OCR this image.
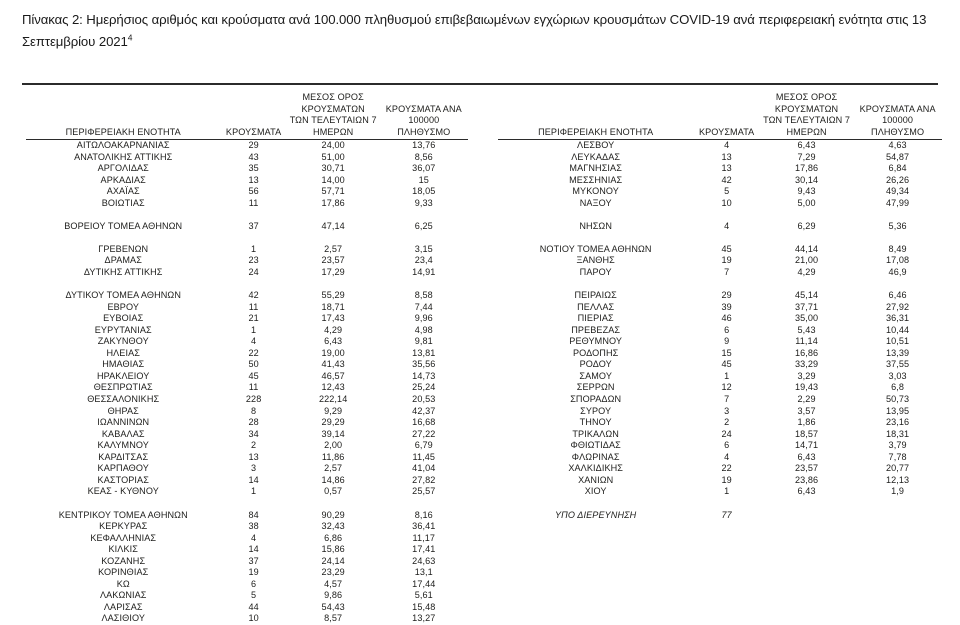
Πίνακας 2: Ημερήσιος αριθμός και κρούσματα ανά 100.000 πληθυσμού επιβεβαιωμένων εγχώριων κρουσμάτων COVID-19 ανά περιφερειακή ενότητα στις 13 Σεπτεμβρίου 2021$^4$
ΠΕΡΙΦΕΡΕΙΑΚΗ ΕΝΟΤΗΤΑ	ΚΡΟΥΣΜΑΤΑ	ΜΕΣΟΣ ΟΡΟΣ ΚΡΟΥΣΜΑΤΩΝ
ΤΩΝ ΤΕΛΕΥΤΑΙΩΝ 7 ΗΜΕΡΩΝ	ΚΡΟΥΣΜΑΤΑ ΑΝΑ 100000
ΠΛΗΘΥΣΜΟ

ΑΙΤΩΛΟΑΚΑΡΝΑΝΙΑΣ	29	24,00	13,76
ΑΝΑΤΟΛΙΚΗΣ ΑΤΤΙΚΗΣ	43	51,00	8,56
ΑΡΓΟΛΙΔΑΣ	35	30,71	36,07
ΑΡΚΑΔΙΑΣ	13	14,00	15
ΑΧΑΪΑΣ	56	57,71	18,05
ΒΟΙΩΤΙΑΣ	11	17,86	9,33

ΒΟΡΕΙΟΥ ΤΟΜΕΑ ΑΘΗΝΩΝ	37	47,14	6,25

ΓΡΕΒΕΝΩΝ	1	2,57	3,15
ΔΡΑΜΑΣ	23	23,57	23,4
ΔΥΤΙΚΗΣ ΑΤΤΙΚΗΣ	24	17,29	14,91

ΔΥΤΙΚΟΥ ΤΟΜΕΑ ΑΘΗΝΩΝ	42	55,29	8,58
ΕΒΡΟΥ	11	18,71	7,44
ΕΥΒΟΙΑΣ	21	17,43	9,96
ΕΥΡΥΤΑΝΙΑΣ	1	4,29	4,98
ΖΑΚΥΝΘΟΥ	4	6,43	9,81
ΗΛΕΙΑΣ	22	19,00	13,81
ΗΜΑΘΙΑΣ	50	41,43	35,56
ΗΡΑΚΛΕΙΟΥ	45	46,57	14,73
ΘΕΣΠΡΩΤΙΑΣ	11	12,43	25,24
ΘΕΣΣΑΛΟΝΙΚΗΣ	228	222,14	20,53
ΘΗΡΑΣ	8	9,29	42,37
ΙΩΑΝΝΙΝΩΝ	28	29,29	16,68
ΚΑΒΑΛΑΣ	34	39,14	27,22
ΚΑΛΥΜΝΟΥ	2	2,00	6,79
ΚΑΡΔΙΤΣΑΣ	13	11,86	11,45
ΚΑΡΠΑΘΟΥ	3	2,57	41,04
ΚΑΣΤΟΡΙΑΣ	14	14,86	27,82
ΚΕΑΣ - ΚΥΘΝΟΥ	1	0,57	25,57

ΚΕΝΤΡΙΚΟΥ ΤΟΜΕΑ ΑΘΗΝΩΝ	84	90,29	8,16
ΚΕΡΚΥΡΑΣ	38	32,43	36,41
ΚΕΦΑΛΛΗΝΙΑΣ	4	6,86	11,17
ΚΙΛΚΙΣ	14	15,86	17,41
ΚΟΖΑΝΗΣ	37	24,14	24,63
ΚΟΡΙΝΘΙΑΣ	19	23,29	13,1
ΚΩ	6	4,57	17,44
ΛΑΚΩΝΙΑΣ	5	9,86	5,61
ΛΑΡΙΣΑΣ	44	54,43	15,48
ΛΑΣΙΘΙΟΥ	10	8,57	13,27
ΠΕΡΙΦΕΡΕΙΑΚΗ ΕΝΟΤΗΤΑ	ΚΡΟΥΣΜΑΤΑ	ΜΕΣΟΣ ΟΡΟΣ ΚΡΟΥΣΜΑΤΩΝ
ΤΩΝ ΤΕΛΕΥΤΑΙΩΝ 7 ΗΜΕΡΩΝ	ΚΡΟΥΣΜΑΤΑ ΑΝΑ 100000
ΠΛΗΘΥΣΜΟ

ΛΕΣΒΟΥ	4	6,43	4,63
ΛΕΥΚΑΔΑΣ	13	7,29	54,87
ΜΑΓΝΗΣΙΑΣ	13	17,86	6,84
ΜΕΣΣΗΝΙΑΣ	42	30,14	26,26
ΜΥΚΟΝΟΥ	5	9,43	49,34
ΝΑΞΟΥ	10	5,00	47,99

ΝΗΣΩΝ	4	6,29	5,36

ΝΟΤΙΟΥ ΤΟΜΕΑ ΑΘΗΝΩΝ	45	44,14	8,49
ΞΑΝΘΗΣ	19	21,00	17,08
ΠΑΡΟΥ	7	4,29	46,9

ΠΕΙΡΑΙΩΣ	29	45,14	6,46
ΠΕΛΛΑΣ	39	37,71	27,92
ΠΙΕΡΙΑΣ	46	35,00	36,31
ΠΡΕΒΕΖΑΣ	6	5,43	10,44
ΡΕΘΥΜΝΟΥ	9	11,14	10,51
ΡΟΔΟΠΗΣ	15	16,86	13,39
ΡΟΔΟΥ	45	33,29	37,55
ΣΑΜΟΥ	1	3,29	3,03
ΣΕΡΡΩΝ	12	19,43	6,8
ΣΠΟΡΑΔΩΝ	7	2,29	50,73
ΣΥΡΟΥ	3	3,57	13,95
ΤΗΝΟΥ	2	1,86	23,16
ΤΡΙΚΑΛΩΝ	24	18,57	18,31
ΦΘΙΩΤΙΔΑΣ	6	14,71	3,79
ΦΛΩΡΙΝΑΣ	4	6,43	7,78
ΧΑΛΚΙΔΙΚΗΣ	22	23,57	20,77
ΧΑΝΙΩΝ	19	23,86	12,13
ΧΙΟΥ	1	6,43	1,9

ΥΠΟ ΔΙΕΡΕΥΝΗΣΗ	77		
